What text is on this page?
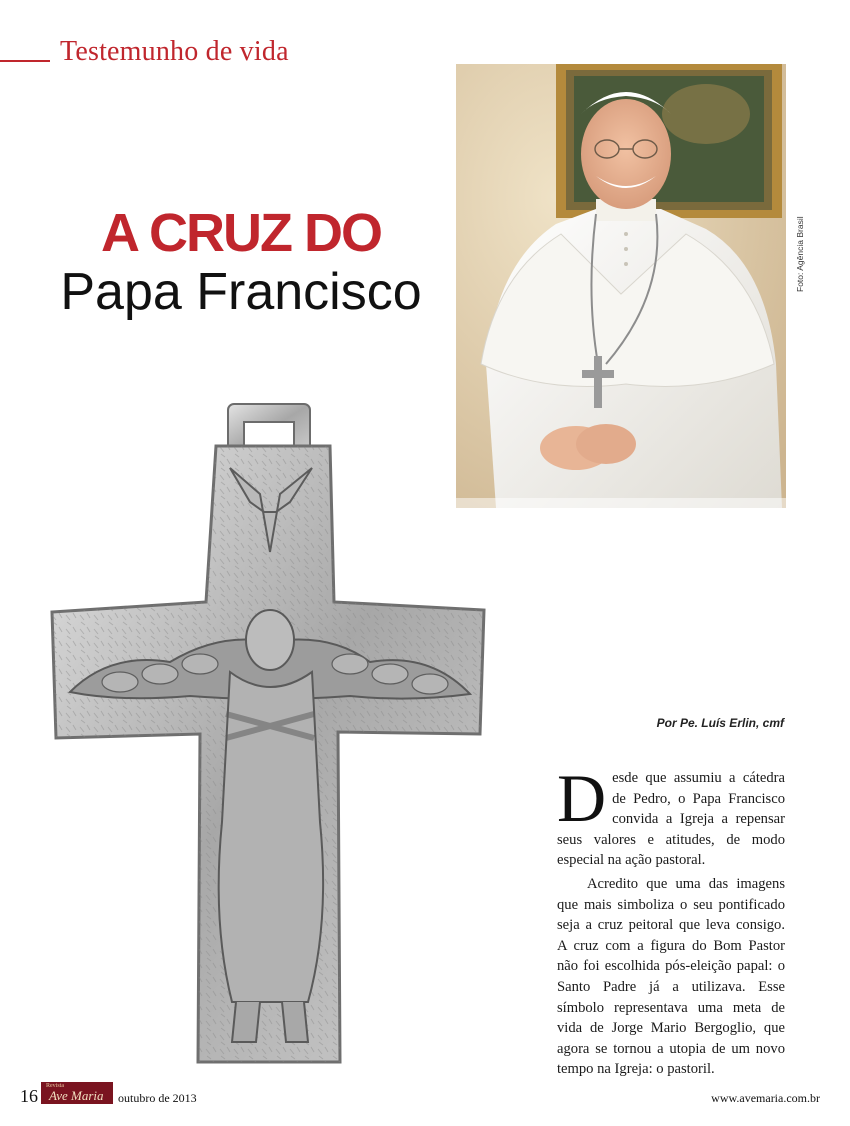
Testemunho de vida
A CRUZ DO
Papa Francisco	Foto: Agência Brasil
Por Pe. Luís Erlin, cmf

Desde que assumiu a cátedra de Pedro, o Papa Francisco convida a Igreja a repensar seus valores e atitudes, de modo especial na ação pastoral.

Acredito que uma das imagens que mais simboliza o seu pontificado seja a cruz peitoral que leva consigo. A cruz com a figura do Bom Pastor não foi escolhida pós-eleição papal: o Santo Padre já a utilizava. Esse símbolo representava uma meta de vida de Jorge Mario Bergoglio, que agora se tornou a utopia de um novo tempo na Igreja: o pastoril.

16 Revista
Ave Maria outubro de 2013	www.avemaria.com.br
